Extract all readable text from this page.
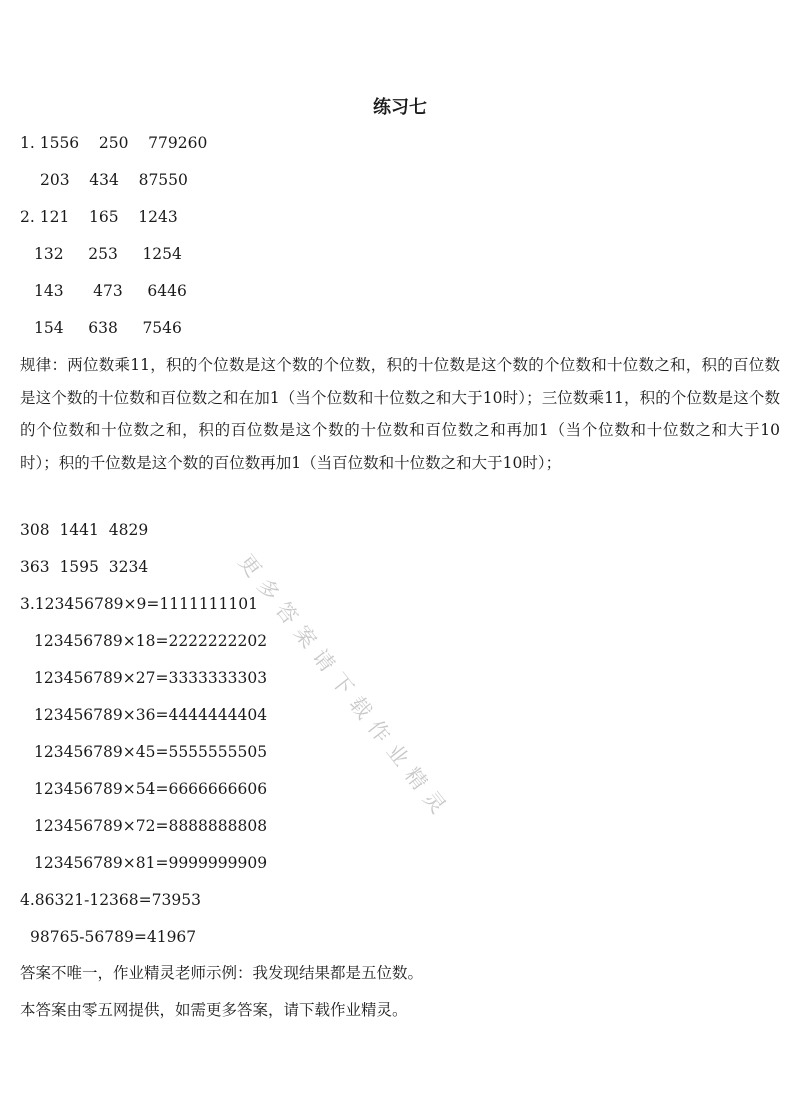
练习七
1. 1556    250    779260
203    434    87550
2. 121    165    1243
132     253     1254
143      473     6446
154     638     7546
规律：两位数乘11，积的个位数是这个数的个位数，积的十位数是这个数的个位数和十位数之和，积的百位数是这个数的十位数和百位数之和在加1（当个位数和十位数之和大于10时）；三位数乘11，积的个位数是这个数的个位数和十位数之和，积的百位数是这个数的十位数和百位数之和再加1（当个位数和十位数之和大于10时）；积的千位数是这个数的百位数再加1（当百位数和十位数之和大于10时）；
308  1441  4829
363  1595  3234
3.123456789×9=1111111101
123456789×18=2222222202
123456789×27=3333333303
123456789×36=4444444404
123456789×45=5555555505
123456789×54=6666666606
123456789×72=8888888808
123456789×81=9999999909
4.86321-12368=73953
98765-56789=41967
答案不唯一，作业精灵老师示例：我发现结果都是五位数。
本答案由零五网提供，如需更多答案，请下载作业精灵。
更多答案请下载作业精灵
